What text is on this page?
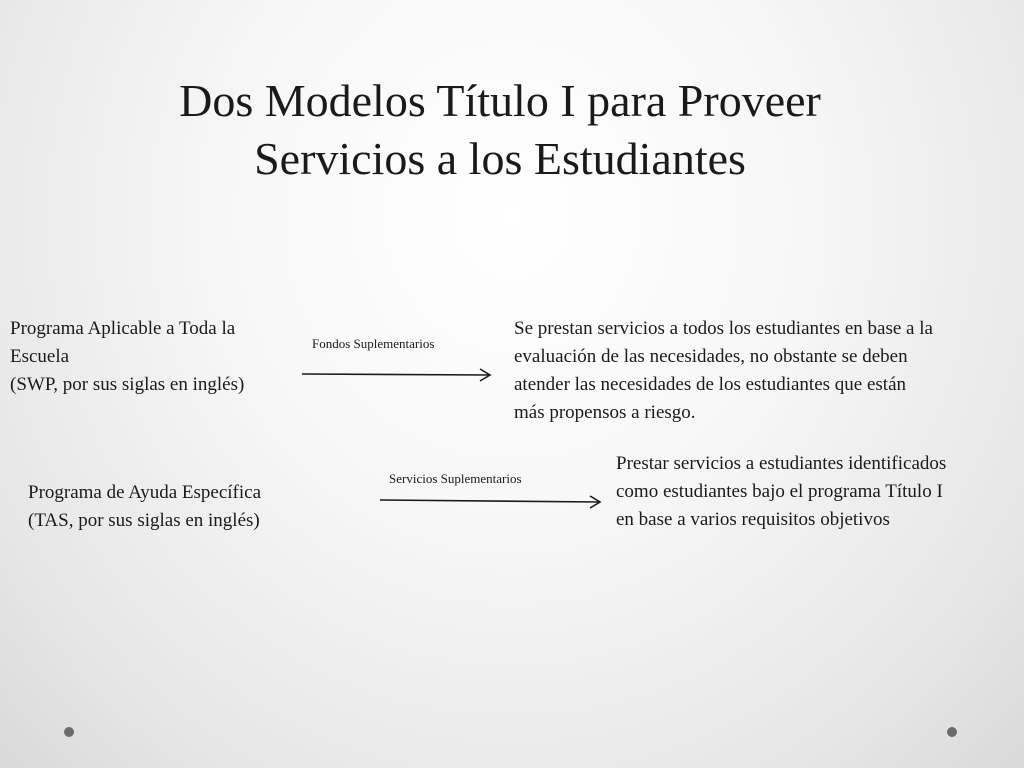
Dos Modelos Título I para Proveer
Servicios a los Estudiantes
Programa Aplicable a Toda la
Escuela
(SWP, por sus siglas en inglés)
Fondos Suplementarios
Se prestan servicios a todos los estudiantes en base a la
evaluación de las necesidades, no obstante se deben
atender las necesidades de los estudiantes que están
más propensos a riesgo.
Programa de Ayuda Específica
(TAS, por sus siglas en inglés)
Servicios Suplementarios
Prestar servicios a estudiantes identificados
como estudiantes bajo el programa Título I
en base a varios requisitos objetivos
